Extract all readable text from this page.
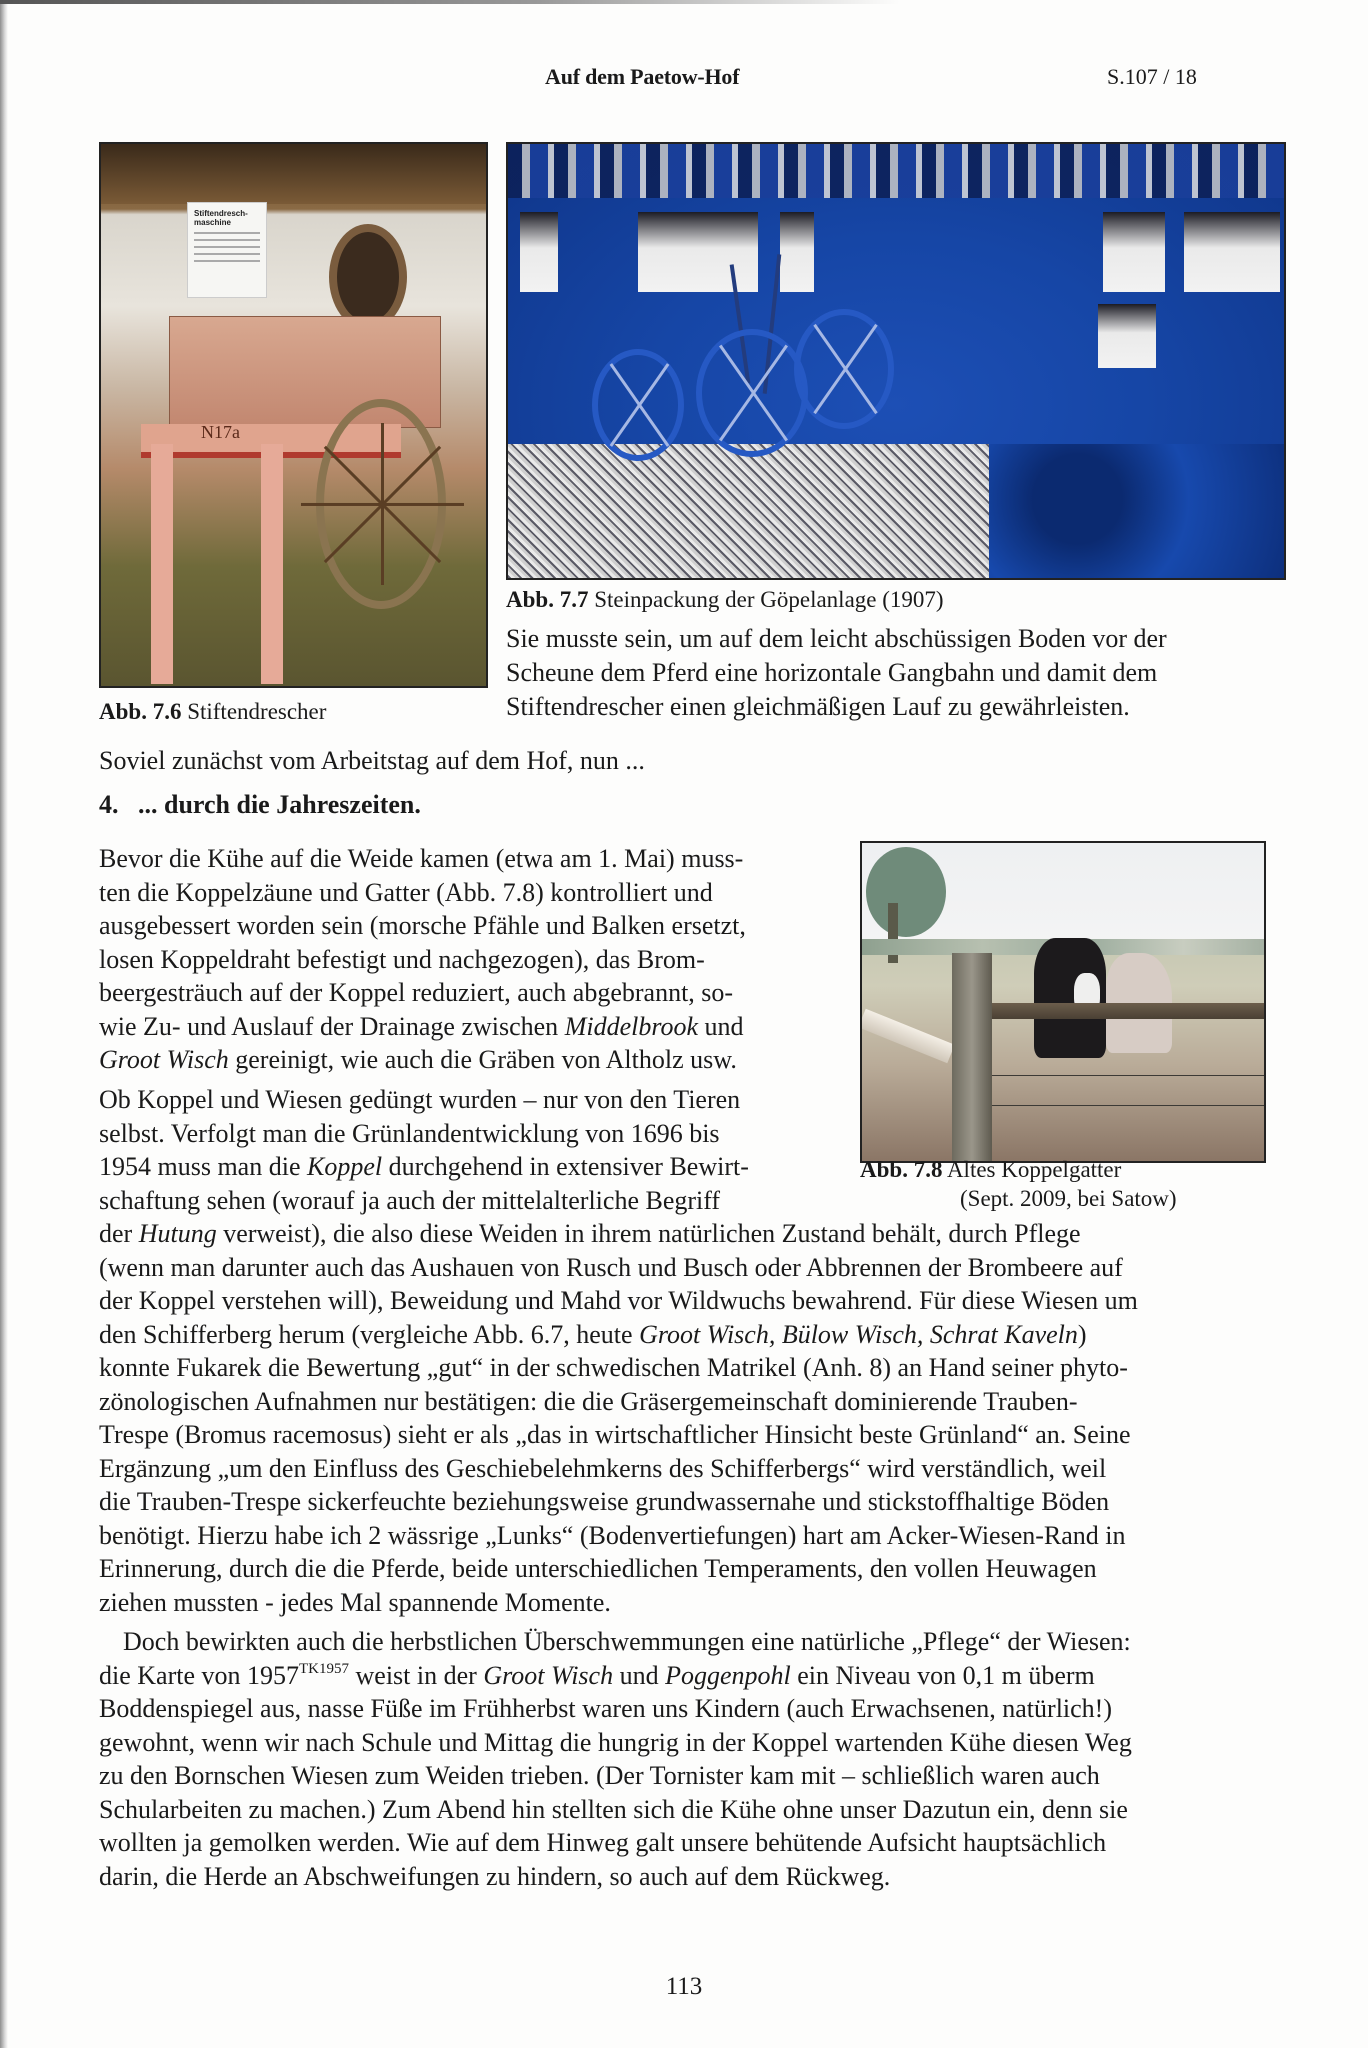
Auf dem Paetow-Hof	S.107 / 18
Stiftendresch-maschine
N17a
Abb. 7.7 Steinpackung der Göpelanlage (1907)
Sie musste sein, um auf dem leicht abschüssigen Boden vor der
Scheune dem Pferd eine horizontale Gangbahn und damit dem
Stiftendrescher einen gleichmäßigen Lauf zu gewährleisten.
Abb. 7.6 Stiftendrescher
Soviel zunächst vom Arbeitstag auf dem Hof, nun ...
4. ... durch die Jahreszeiten.
Bevor die Kühe auf die Weide kamen (etwa am 1. Mai) muss-
ten die Koppelzäune und Gatter (Abb. 7.8) kontrolliert und
ausgebessert worden sein (morsche Pfähle und Balken ersetzt,
losen Koppeldraht befestigt und nachgezogen), das Brom-
beergesträuch auf der Koppel reduziert, auch abgebrannt, so-
wie Zu- und Auslauf der Drainage zwischen Middelbrook und
Groot Wisch gereinigt, wie auch die Gräben von Altholz usw.
Ob Koppel und Wiesen gedüngt wurden – nur von den Tieren
selbst. Verfolgt man die Grünlandentwicklung von 1696 bis
1954 muss man die Koppel durchgehend in extensiver Bewirt-
schaftung sehen (worauf ja auch der mittelalterliche Begriff
der Hutung verweist), die also diese Weiden in ihrem natürlichen Zustand behält, durch Pflege
(wenn man darunter auch das Aushauen von Rusch und Busch oder Abbrennen der Brombeere auf
der Koppel verstehen will), Beweidung und Mahd vor Wildwuchs bewahrend. Für diese Wiesen um
den Schifferberg herum (vergleiche Abb. 6.7, heute Groot Wisch, Bülow Wisch, Schrat Kaveln)
konnte Fukarek die Bewertung „gut“ in der schwedischen Matrikel (Anh. 8) an Hand seiner phyto-
zönologischen Aufnahmen nur bestätigen: die die Gräsergemeinschaft dominierende Trauben-
Trespe (Bromus racemosus) sieht er als „das in wirtschaftlicher Hinsicht beste Grünland“ an. Seine
Ergänzung „um den Einfluss des Geschiebelehmkerns des Schifferbergs“ wird verständlich, weil
die Trauben-Trespe sickerfeuchte beziehungsweise grundwassernahe und stickstoffhaltige Böden
benötigt. Hierzu habe ich 2 wässrige „Lunks“ (Bodenvertiefungen) hart am Acker-Wiesen-Rand in
Erinnerung, durch die die Pferde, beide unterschiedlichen Temperaments, den vollen Heuwagen
ziehen mussten - jedes Mal spannende Momente.
Abb. 7.8 Altes Koppelgatter
(Sept. 2009, bei Satow)
Doch bewirkten auch die herbstlichen Überschwemmungen eine natürliche „Pflege“ der Wiesen:
die Karte von $1957^{TK1957}$ weist in der Groot Wisch und Poggenpohl ein Niveau von 0,1 m überm
Boddenspiegel aus, nasse Füße im Frühherbst waren uns Kindern (auch Erwachsenen, natürlich!)
gewohnt, wenn wir nach Schule und Mittag die hungrig in der Koppel wartenden Kühe diesen Weg
zu den Bornschen Wiesen zum Weiden trieben. (Der Tornister kam mit – schließlich waren auch
Schularbeiten zu machen.) Zum Abend hin stellten sich die Kühe ohne unser Dazutun ein, denn sie
wollten ja gemolken werden. Wie auf dem Hinweg galt unsere behütende Aufsicht hauptsächlich
darin, die Herde an Abschweifungen zu hindern, so auch auf dem Rückweg.
113
